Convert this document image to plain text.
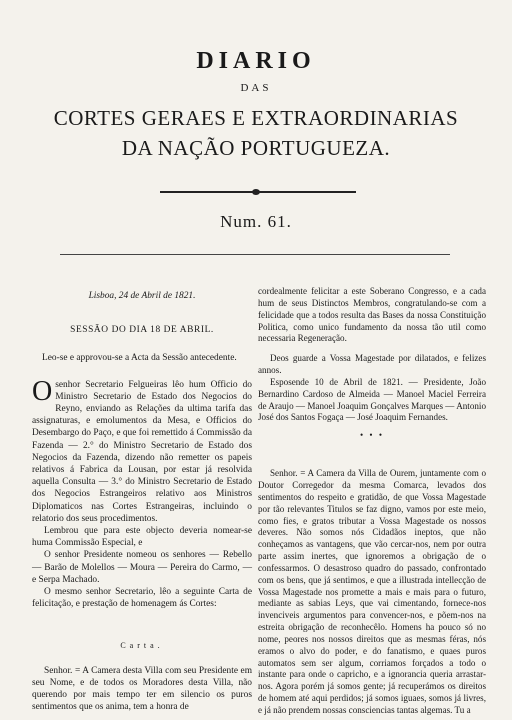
DIARIO
DAS
CORTES GERAES E EXTRAORDINARIAS
DA NAÇÃO PORTUGUEZA.
Num. 61.

Lisboa, 24 de Abril de 1821.

SESSÃO DO DIA 18 DE ABRIL.

Leo-se e approvou-se a Acta da Sessão antecedente.

Osenhor Secretario Felgueiras lêo hum Officio do Ministro Secretario de Estado dos Negocios do Reyno, enviando as Relações da ultima tarifa das assignaturas, e emolumentos da Mesa, e Officios do Desembargo do Paço, e que foi remettido á Commissão da Fazenda — 2.° do Ministro Secretario de Estado dos Negocios da Fazenda, dizendo não remetter os papeis relativos á Fabrica da Lousan, por estar já resolvida aquella Consulta — 3.° do Ministro Secretario de Estado dos Negocios Estrangeiros relativo aos Ministros Diplomaticos nas Cortes Estrangeiras, incluindo o relatorio dos seus procedimentos.

Lembrou que para este objecto deveria nomear-se huma Commissão Especial, e

O senhor Presidente nomeou os senhores — Rebello — Barão de Molellos — Moura — Pereira do Carmo, — e Serpa Machado.

O mesmo senhor Secretario, lêo a seguinte Carta de felicitação, e prestação de homenagem ás Cortes:

Carta.

Senhor. = A Camera desta Villa com seu Presidente em seu Nome, e de todos os Moradores desta Villa, não querendo por mais tempo ter em silencio os puros sentimentos que os anima, tem a honra de

cordealmente felicitar a este Soberano Congresso, e a cada hum de seus Distinctos Membros, congratulando-se com a felicidade que a todos resulta das Bases da nossa Constituição Politica, como unico fundamento da nossa tão util como necessaria Regeneração.

Deos guarde a Vossa Magestade por dilatados, e felizes annos.

Esposende 10 de Abril de 1821. — Presidente, João Bernardino Cardoso de Almeida — Manoel Maciel Ferreira de Araujo — Manoel Joaquim Gonçalves Marques — Antonio José dos Santos Fogaça — José Joaquim Fernandes.

• • •

Senhor. = A Camera da Villa de Ourem, juntamente com o Doutor Corregedor da mesma Comarca, levados dos sentimentos do respeito e gratidão, de que Vossa Magestade por tão relevantes Titulos se faz digno, vamos por este meio, como fies, e gratos tributar a Vossa Magestade os nossos deveres. Não somos nós Cidadãos ineptos, que não conheçamos as vantagens, que vão cercar-nos, nem por outra parte assim inertes, que ignoremos a obrigação de o confessarmos. O desastroso quadro do passado, confrontado com os bens, que já sentimos, e que a illustrada intellecção de Vossa Magestade nos promette a mais e mais para o futuro, mediante as sabias Leys, que vai cimentando, fornece-nos invenciveis argumentos para convencer-nos, e põem-nos na estreita obrigação de reconhecêlo. Homens ha pouco só no nome, peores nos nossos direitos que as mesmas féras, nós eramos o alvo do poder, e do fanatismo, e quaes puros automatos sem ser algum, corriamos forçados a todo o instante para onde o capricho, e a ignorancia queria arrastar-nos. Agora porém já somos gente; já recuperámos os direitos de homem até aqui perdidos; já somos iguaes, somos já livres, e já não prendem nossas consciencias tantas algemas. Tu a
